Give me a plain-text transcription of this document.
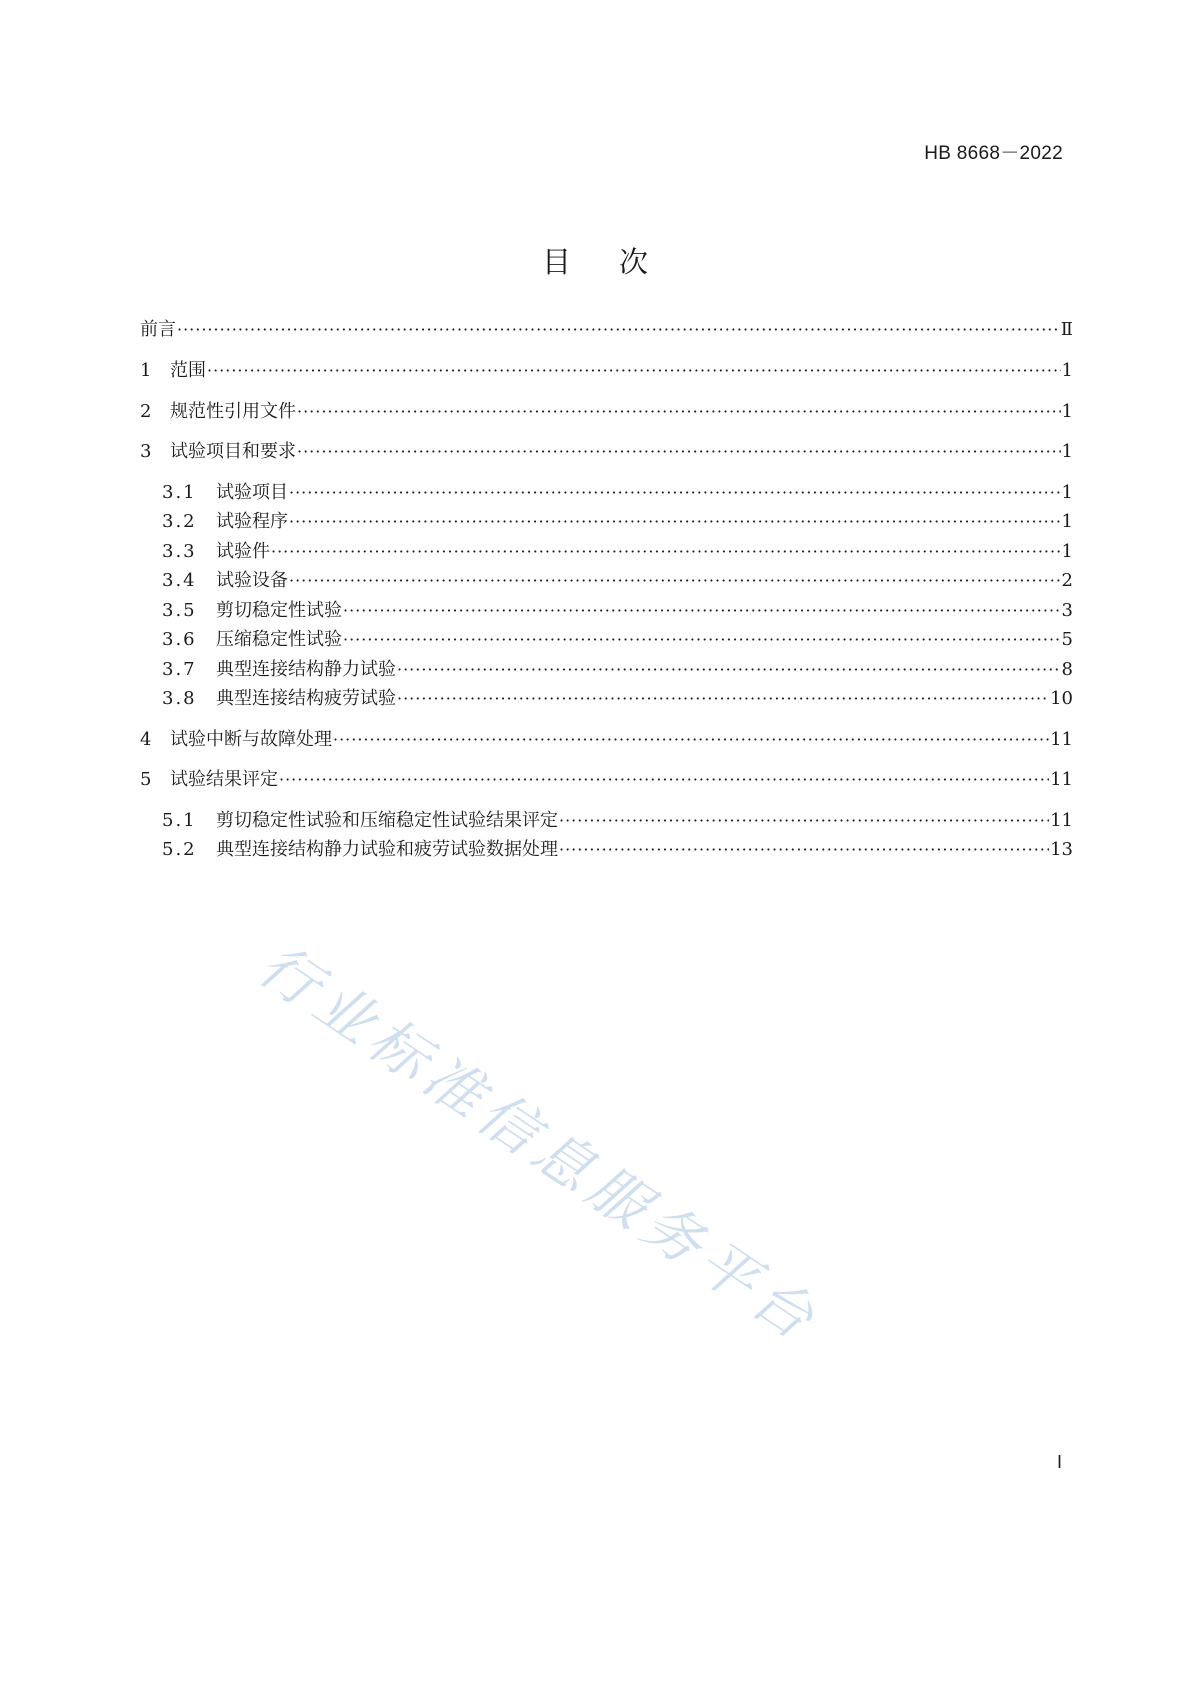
HB 8668－2022
目次
前言 ·····	Ⅱ
1	范围 ·····	1
2	规范性引用文件 ·····	1
3	试验项目和要求 ·····	1
3.1	试验项目 ·····	1
3.2	试验程序 ·····	1
3.3	试验件 ·····	1
3.4	试验设备 ·····	2
3.5	剪切稳定性试验 ·····	3
3.6	压缩稳定性试验 ·····	5
3.7	典型连接结构静力试验 ·····	8
3.8	典型连接结构疲劳试验 ·····	10
4	试验中断与故障处理 ·····	11
5	试验结果评定 ·····	11
5.1	剪切稳定性试验和压缩稳定性试验结果评定 ·····	11
5.2	典型连接结构静力试验和疲劳试验数据处理 ·····	13
行业标准信息服务平台
I
